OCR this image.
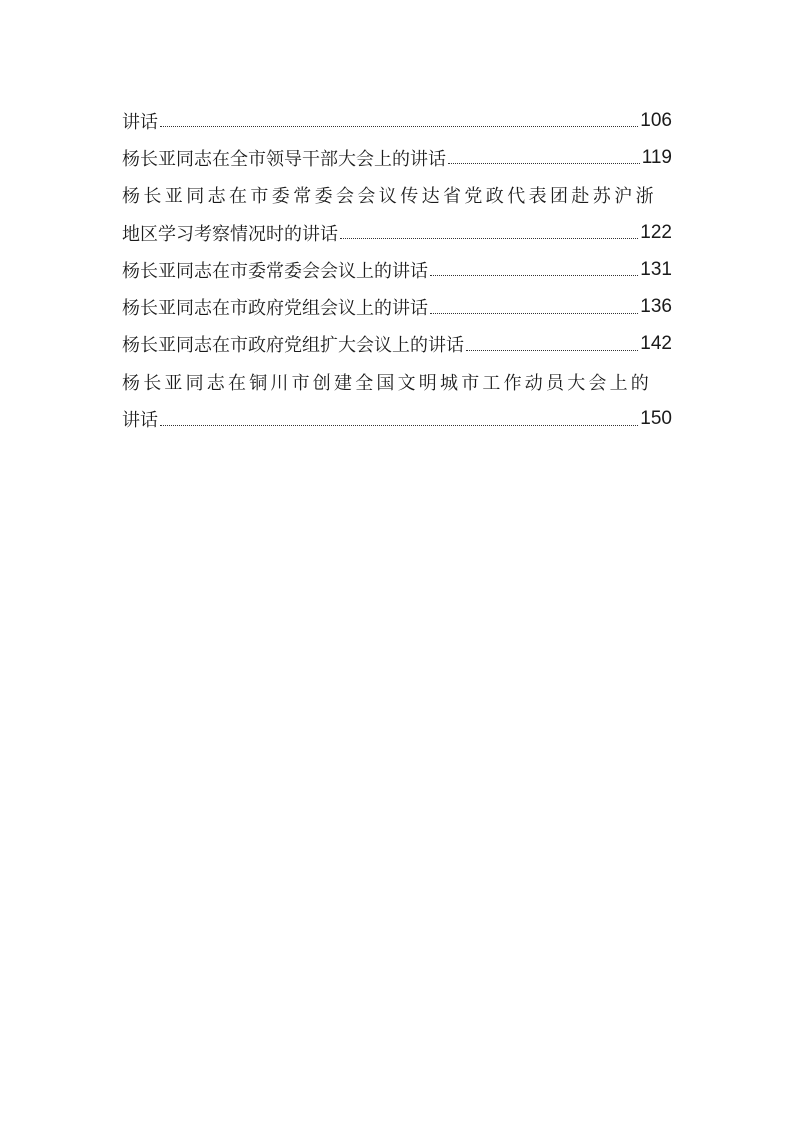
讲话	106
杨长亚同志在全市领导干部大会上的讲话	119
杨长亚同志在市委常委会会议传达省党政代表团赴苏沪浙
地区学习考察情况时的讲话	122
杨长亚同志在市委常委会会议上的讲话	131
杨长亚同志在市政府党组会议上的讲话	136
杨长亚同志在市政府党组扩大会议上的讲话	142
杨长亚同志在铜川市创建全国文明城市工作动员大会上的
讲话	150
